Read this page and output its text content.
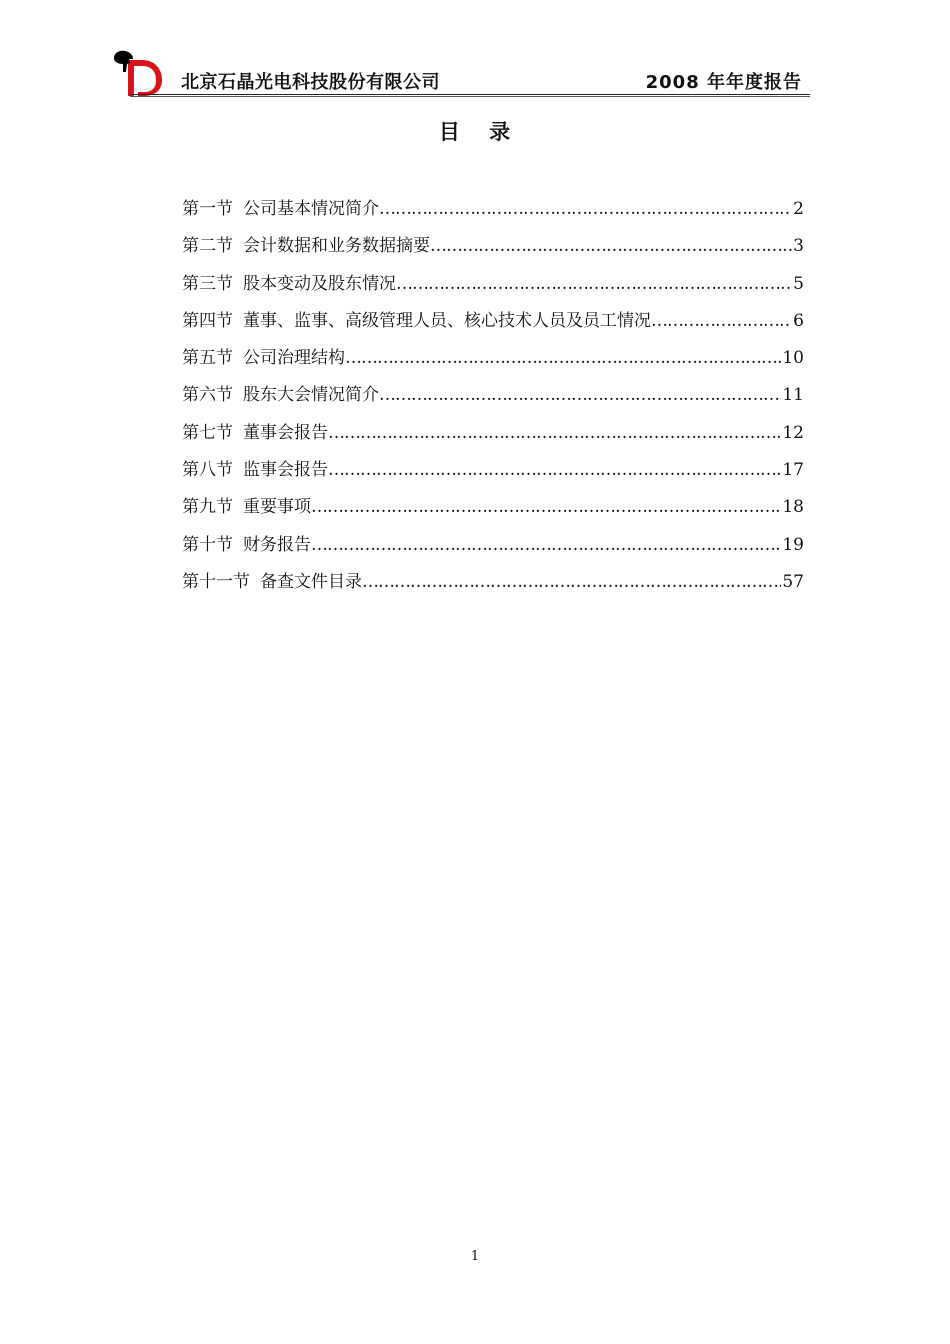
北京石晶光电科技股份有限公司	2008 年年度报告
目 录
第一节 公司基本情况简介 …………………………………………………………………………………………………………………………………………	2
第二节 会计数据和业务数据摘要 …………………………………………………………………………………………………………………………………………	3
第三节 股本变动及股东情况 …………………………………………………………………………………………………………………………………………	5
第四节 董事、监事、高级管理人员、核心技术人员及员工情况 …………………………………………………………………………………………………………………………………………	6
第五节 公司治理结构 …………………………………………………………………………………………………………………………………………	10
第六节 股东大会情况简介 …………………………………………………………………………………………………………………………………………	11
第七节 董事会报告 …………………………………………………………………………………………………………………………………………	12
第八节 监事会报告 …………………………………………………………………………………………………………………………………………	17
第九节 重要事项 …………………………………………………………………………………………………………………………………………	18
第十节 财务报告 …………………………………………………………………………………………………………………………………………	19
第十一节 备查文件目录 …………………………………………………………………………………………………………………………………………	57
1
